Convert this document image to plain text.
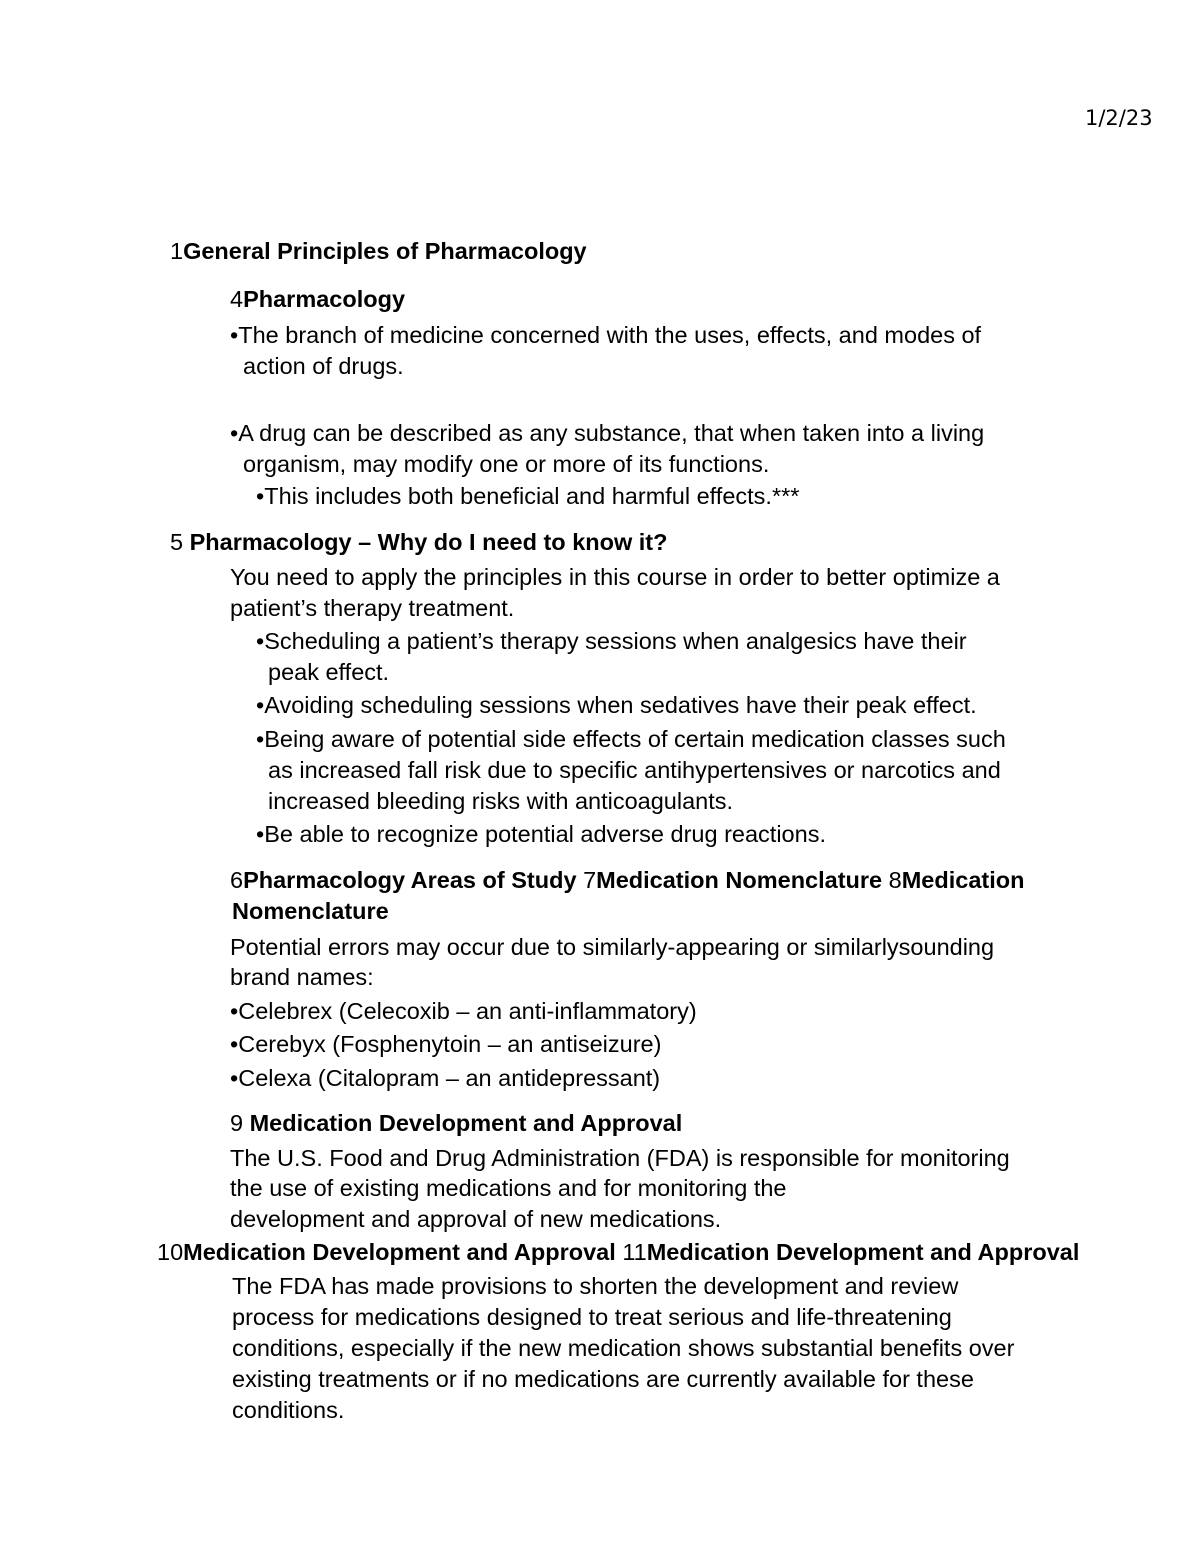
1/2/23
1General Principles of Pharmacology
4Pharmacology
•The branch of medicine concerned with the uses, effects, and modes of
action of drugs.
•A drug can be described as any substance, that when taken into a living
organism, may modify one or more of its functions.
•This includes both beneficial and harmful effects.***
5 Pharmacology – Why do I need to know it?
You need to apply the principles in this course in order to better optimize a
patient’s therapy treatment.
•Scheduling a patient’s therapy sessions when analgesics have their
peak effect.
•Avoiding scheduling sessions when sedatives have their peak effect.
•Being aware of potential side effects of certain medication classes such
as increased fall risk due to specific antihypertensives or narcotics and
increased bleeding risks with anticoagulants.
•Be able to recognize potential adverse drug reactions.
6Pharmacology Areas of Study 7Medication Nomenclature 8Medication
Nomenclature
Potential errors may occur due to similarly-appearing or similarlysounding
brand names:
•Celebrex (Celecoxib – an anti-inflammatory)
•Cerebyx (Fosphenytoin – an antiseizure)
•Celexa (Citalopram – an antidepressant)
9 Medication Development and Approval
The U.S. Food and Drug Administration (FDA) is responsible for monitoring
the use of existing medications and for monitoring the
development and approval of new medications.
10Medication Development and Approval 11Medication Development and Approval
The FDA has made provisions to shorten the development and review
process for medications designed to treat serious and life-threatening
conditions, especially if the new medication shows substantial benefits over
existing treatments or if no medications are currently available for these
conditions.
